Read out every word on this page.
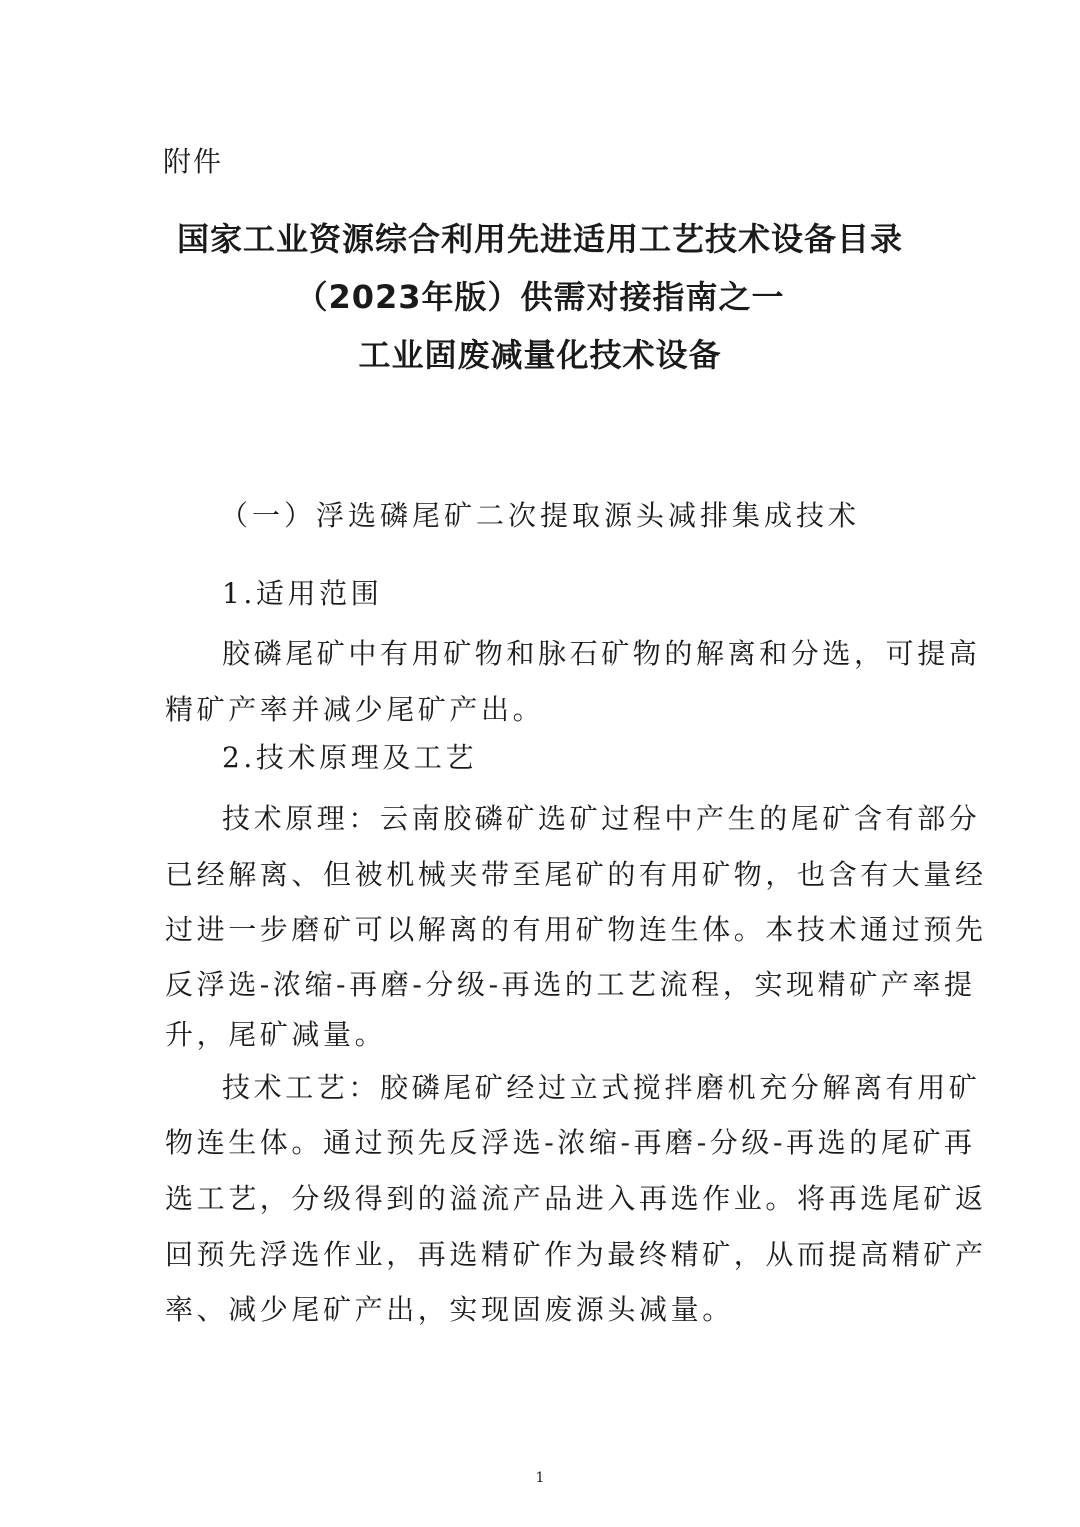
附件
国家工业资源综合利用先进适用工艺技术设备目录
（2023年版）供需对接指南之一
工业固废减量化技术设备
（一）浮选磷尾矿二次提取源头减排集成技术
1.适用范围
胶磷尾矿中有用矿物和脉石矿物的解离和分选，可提高
精矿产率并减少尾矿产出。
2.技术原理及工艺
技术原理：云南胶磷矿选矿过程中产生的尾矿含有部分
已经解离、但被机械夹带至尾矿的有用矿物，也含有大量经
过进一步磨矿可以解离的有用矿物连生体。本技术通过预先
反浮选-浓缩-再磨-分级-再选的工艺流程，实现精矿产率提
升，尾矿减量。
技术工艺：胶磷尾矿经过立式搅拌磨机充分解离有用矿
物连生体。通过预先反浮选-浓缩-再磨-分级-再选的尾矿再
选工艺，分级得到的溢流产品进入再选作业。将再选尾矿返
回预先浮选作业，再选精矿作为最终精矿，从而提高精矿产
率、减少尾矿产出，实现固废源头减量。
1
